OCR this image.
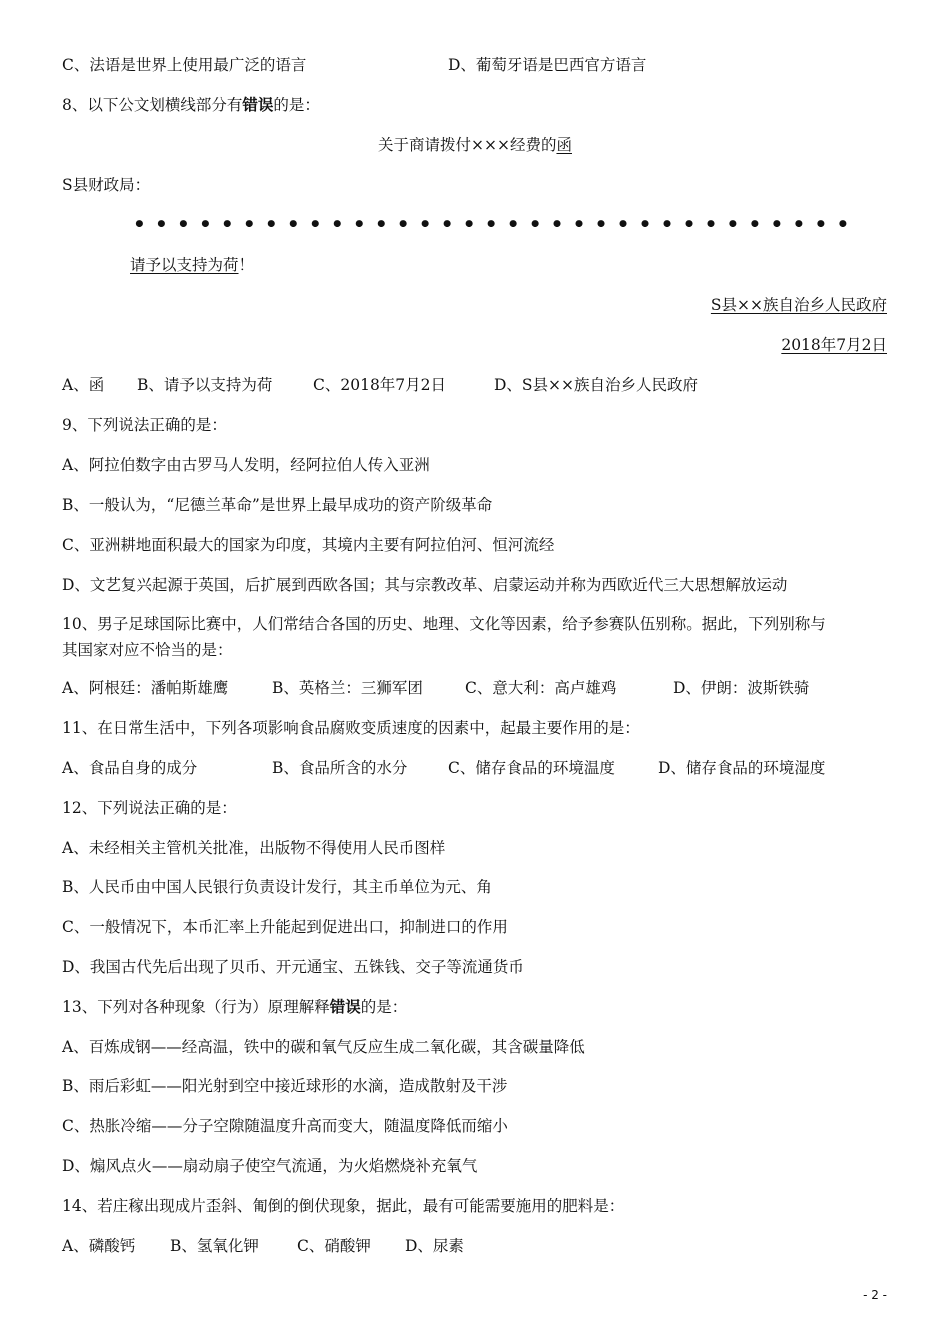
C、法语是世界上使用最广泛的语言	D、葡萄牙语是巴西官方语言
8、以下公文划横线部分有错误的是：
关于商请拨付×××经费的函
S县财政局：
•••••••••••••••••••••••••••••••••
请予以支持为荷！
S县××族自治乡人民政府
2018年7月2日
A、函 B、请予以支持为荷	C、2018年7月2日	D、S县××族自治乡人民政府
9、下列说法正确的是：
A、阿拉伯数字由古罗马人发明，经阿拉伯人传入亚洲
B、一般认为，“尼德兰革命”是世界上最早成功的资产阶级革命
C、亚洲耕地面积最大的国家为印度，其境内主要有阿拉伯河、恒河流经
D、文艺复兴起源于英国，后扩展到西欧各国；其与宗教改革、启蒙运动并称为西欧近代三大思想解放运动
10、男子足球国际比赛中，人们常结合各国的历史、地理、文化等因素，给予参赛队伍别称。据此，下列别称与
其国家对应不恰当的是：
A、阿根廷：潘帕斯雄鹰	B、英格兰：三狮军团	C、意大利：高卢雄鸡	D、伊朗：波斯铁骑
11、在日常生活中，下列各项影响食品腐败变质速度的因素中，起最主要作用的是：
A、食品自身的成分	B、食品所含的水分	C、储存食品的环境温度	D、储存食品的环境湿度
12、下列说法正确的是：
A、未经相关主管机关批准，出版物不得使用人民币图样
B、人民币由中国人民银行负责设计发行，其主币单位为元、角
C、一般情况下，本币汇率上升能起到促进出口，抑制进口的作用
D、我国古代先后出现了贝币、开元通宝、五铢钱、交子等流通货币
13、下列对各种现象（行为）原理解释错误的是：
A、百炼成钢——经高温，铁中的碳和氧气反应生成二氧化碳，其含碳量降低
B、雨后彩虹——阳光射到空中接近球形的水滴，造成散射及干涉
C、热胀冷缩——分子空隙随温度升高而变大，随温度降低而缩小
D、煽风点火——扇动扇子使空气流通，为火焰燃烧补充氧气
14、若庄稼出现成片歪斜、匍倒的倒伏现象，据此，最有可能需要施用的肥料是：
A、磷酸钙 B、氢氧化钾 C、硝酸钾 D、尿素
- 2 -
